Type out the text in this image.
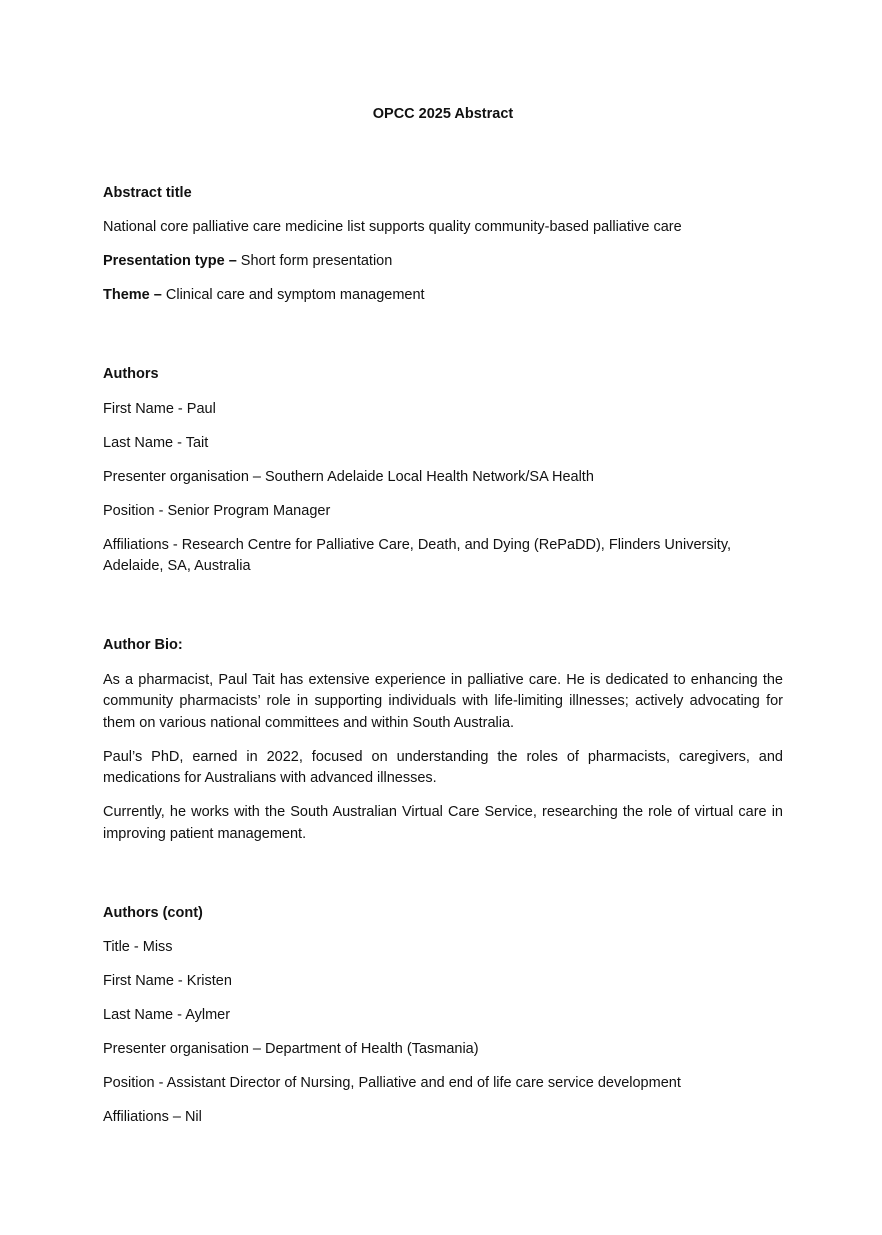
OPCC 2025 Abstract
Abstract title
National core palliative care medicine list supports quality community-based palliative care
Presentation type – Short form presentation
Theme – Clinical care and symptom management
Authors
First Name - Paul
Last Name - Tait
Presenter organisation – Southern Adelaide Local Health Network/SA Health
Position - Senior Program Manager
Affiliations - Research Centre for Palliative Care, Death, and Dying (RePaDD), Flinders University, Adelaide, SA, Australia
Author Bio:

As a pharmacist, Paul Tait has extensive experience in palliative care. He is dedicated to enhancing the community pharmacists’ role in supporting individuals with life-limiting illnesses; actively advocating for them on various national committees and within South Australia.

Paul’s PhD, earned in 2022, focused on understanding the roles of pharmacists, caregivers, and medications for Australians with advanced illnesses.

Currently, he works with the South Australian Virtual Care Service, researching the role of virtual care in improving patient management.

Authors (cont)
Title - Miss
First Name - Kristen
Last Name - Aylmer
Presenter organisation – Department of Health (Tasmania)
Position - Assistant Director of Nursing, Palliative and end of life care service development
Affiliations – Nil
